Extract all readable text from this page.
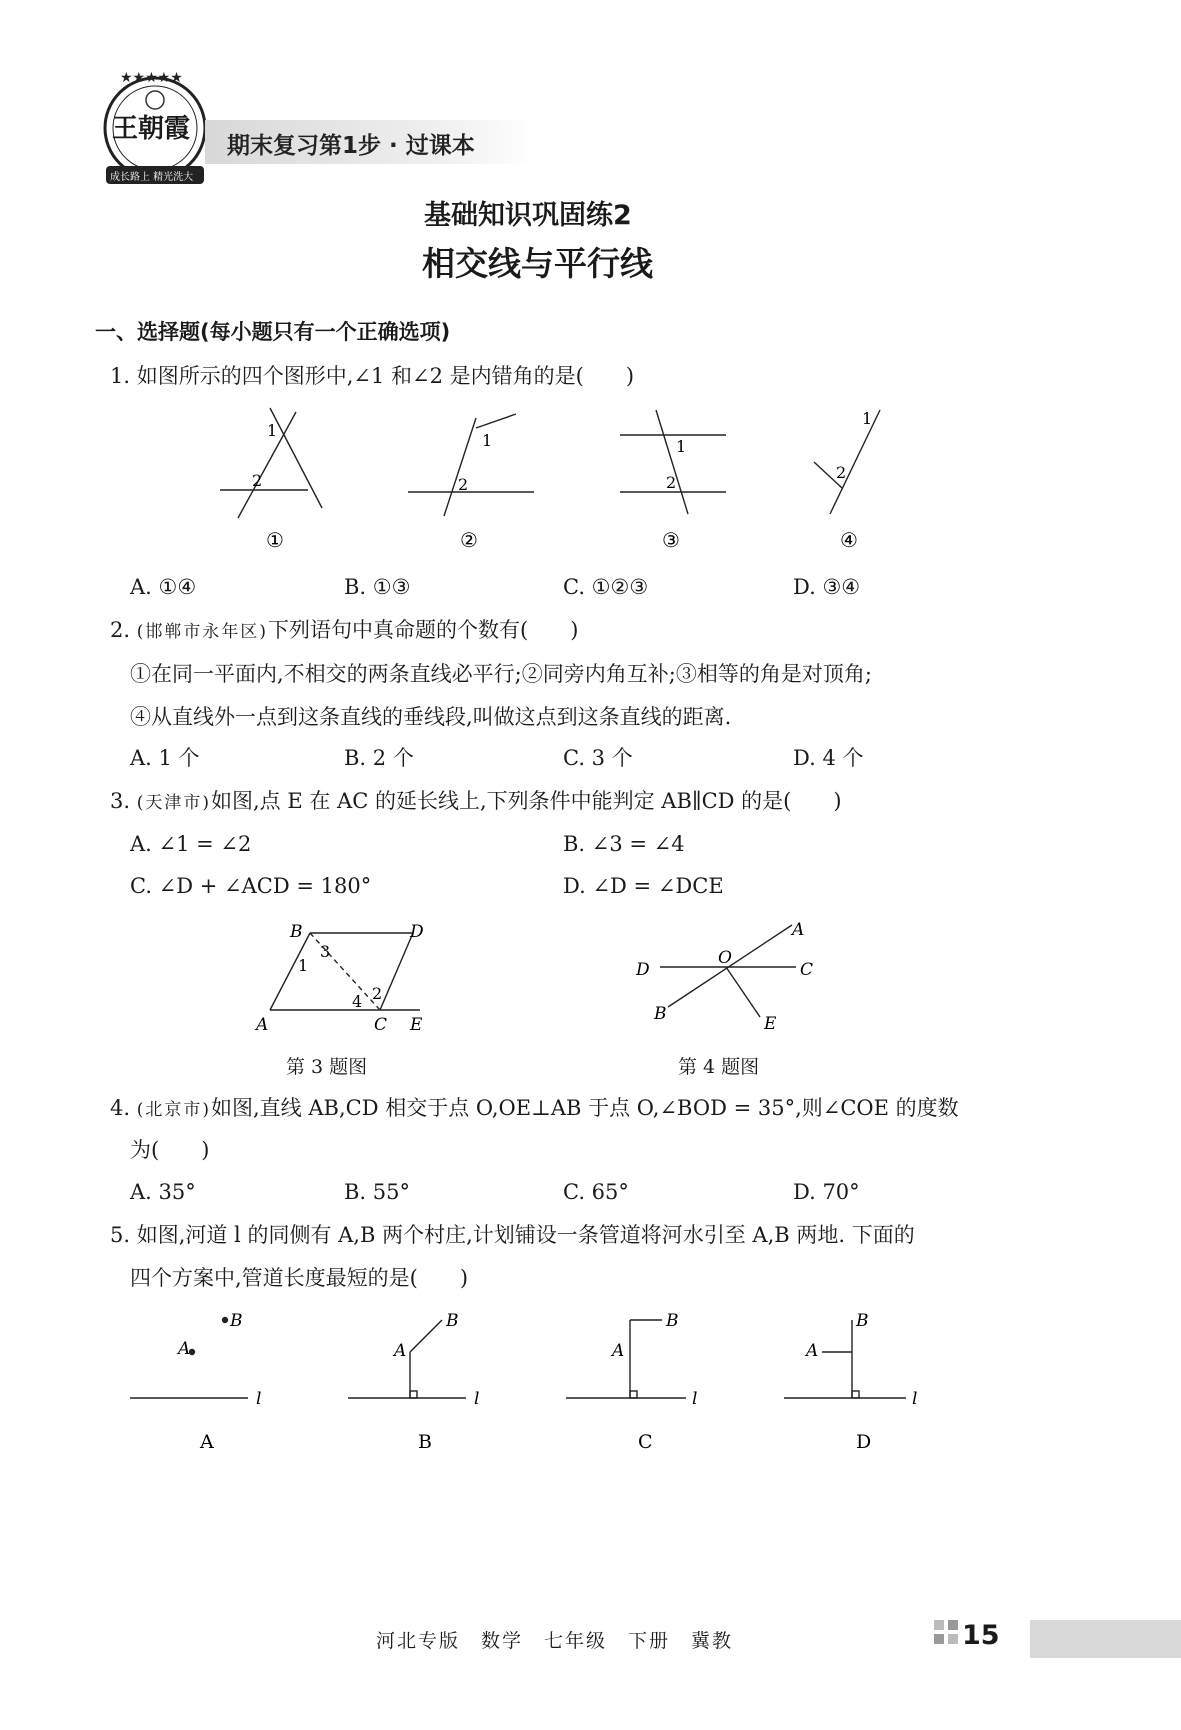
★★★★★
王朝霞
成长路上 精光洗大
期末复习第1步 · 过课本
基础知识巩固练2
相交线与平行线
一、选择题(每小题只有一个正确选项)
1. 如图所示的四个图形中,∠1 和∠2 是内错角的是(　　)
1
2
1
2
1
2
1
2
①	②	③	④
A. ①④	B. ①③	C. ①②③	D. ③④
2. (邯郸市永年区)下列语句中真命题的个数有(　　)
①在同一平面内,不相交的两条直线必平行;②同旁内角互补;③相等的角是对顶角;
④从直线外一点到这条直线的垂线段,叫做这点到这条直线的距离.
A. 1 个	B. 2 个	C. 3 个	D. 4 个
3. (天津市)如图,点 E 在 AC 的延长线上,下列条件中能判定 AB∥CD 的是(　　)
A. ∠1 = ∠2	B. ∠3 = ∠4
C. ∠D + ∠ACD = 180°	D. ∠D = ∠DCE
B	D
A	C E
1
2
3
4
第 3 题图
A
D
O
C
B	E
第 4 题图
4. (北京市)如图,直线 AB,CD 相交于点 O,OE⊥AB 于点 O,∠BOD = 35°,则∠COE 的度数
为(　　)
A. 35°	B. 55°	C. 65°	D. 70°
5. 如图,河道 l 的同侧有 A,B 两个村庄,计划铺设一条管道将河水引至 A,B 两地. 下面的
四个方案中,管道长度最短的是(　　)
A
B
l
A
B
l
A
B
l
A
B
l
A	B	C	D
河北专版　数学　七年级　下册　冀教	15
